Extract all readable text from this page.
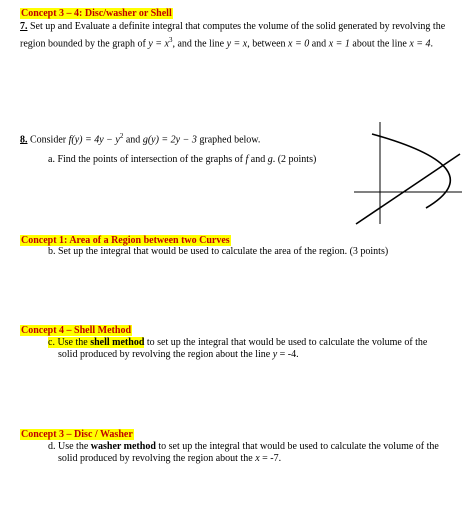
Concept 3 – 4: Disc/washer or Shell
7. Set up and Evaluate a definite integral that computes the volume of the solid generated by revolving the
region bounded by the graph of $y = x^3$, and the line y = x, between x = 0 and x = 1 about the line x = 4.
8. Consider $f(y) = 4y - y^2$ and g(y) = 2y − 3 graphed below.
a. Find the points of intersection of the graphs of f and g. (2 points)
Concept 1: Area of a Region between two Curves
b. Set up the integral that would be used to calculate the area of the region. (3 points)
Concept 4 – Shell Method
c. Use the shell method to set up the integral that would be used to calculate the volume of the
solid produced by revolving the region about the line y = -4.
Concept 3 – Disc / Washer
d. Use the washer method to set up the integral that would be used to calculate the volume of the
solid produced by revolving the region about the x = -7.
